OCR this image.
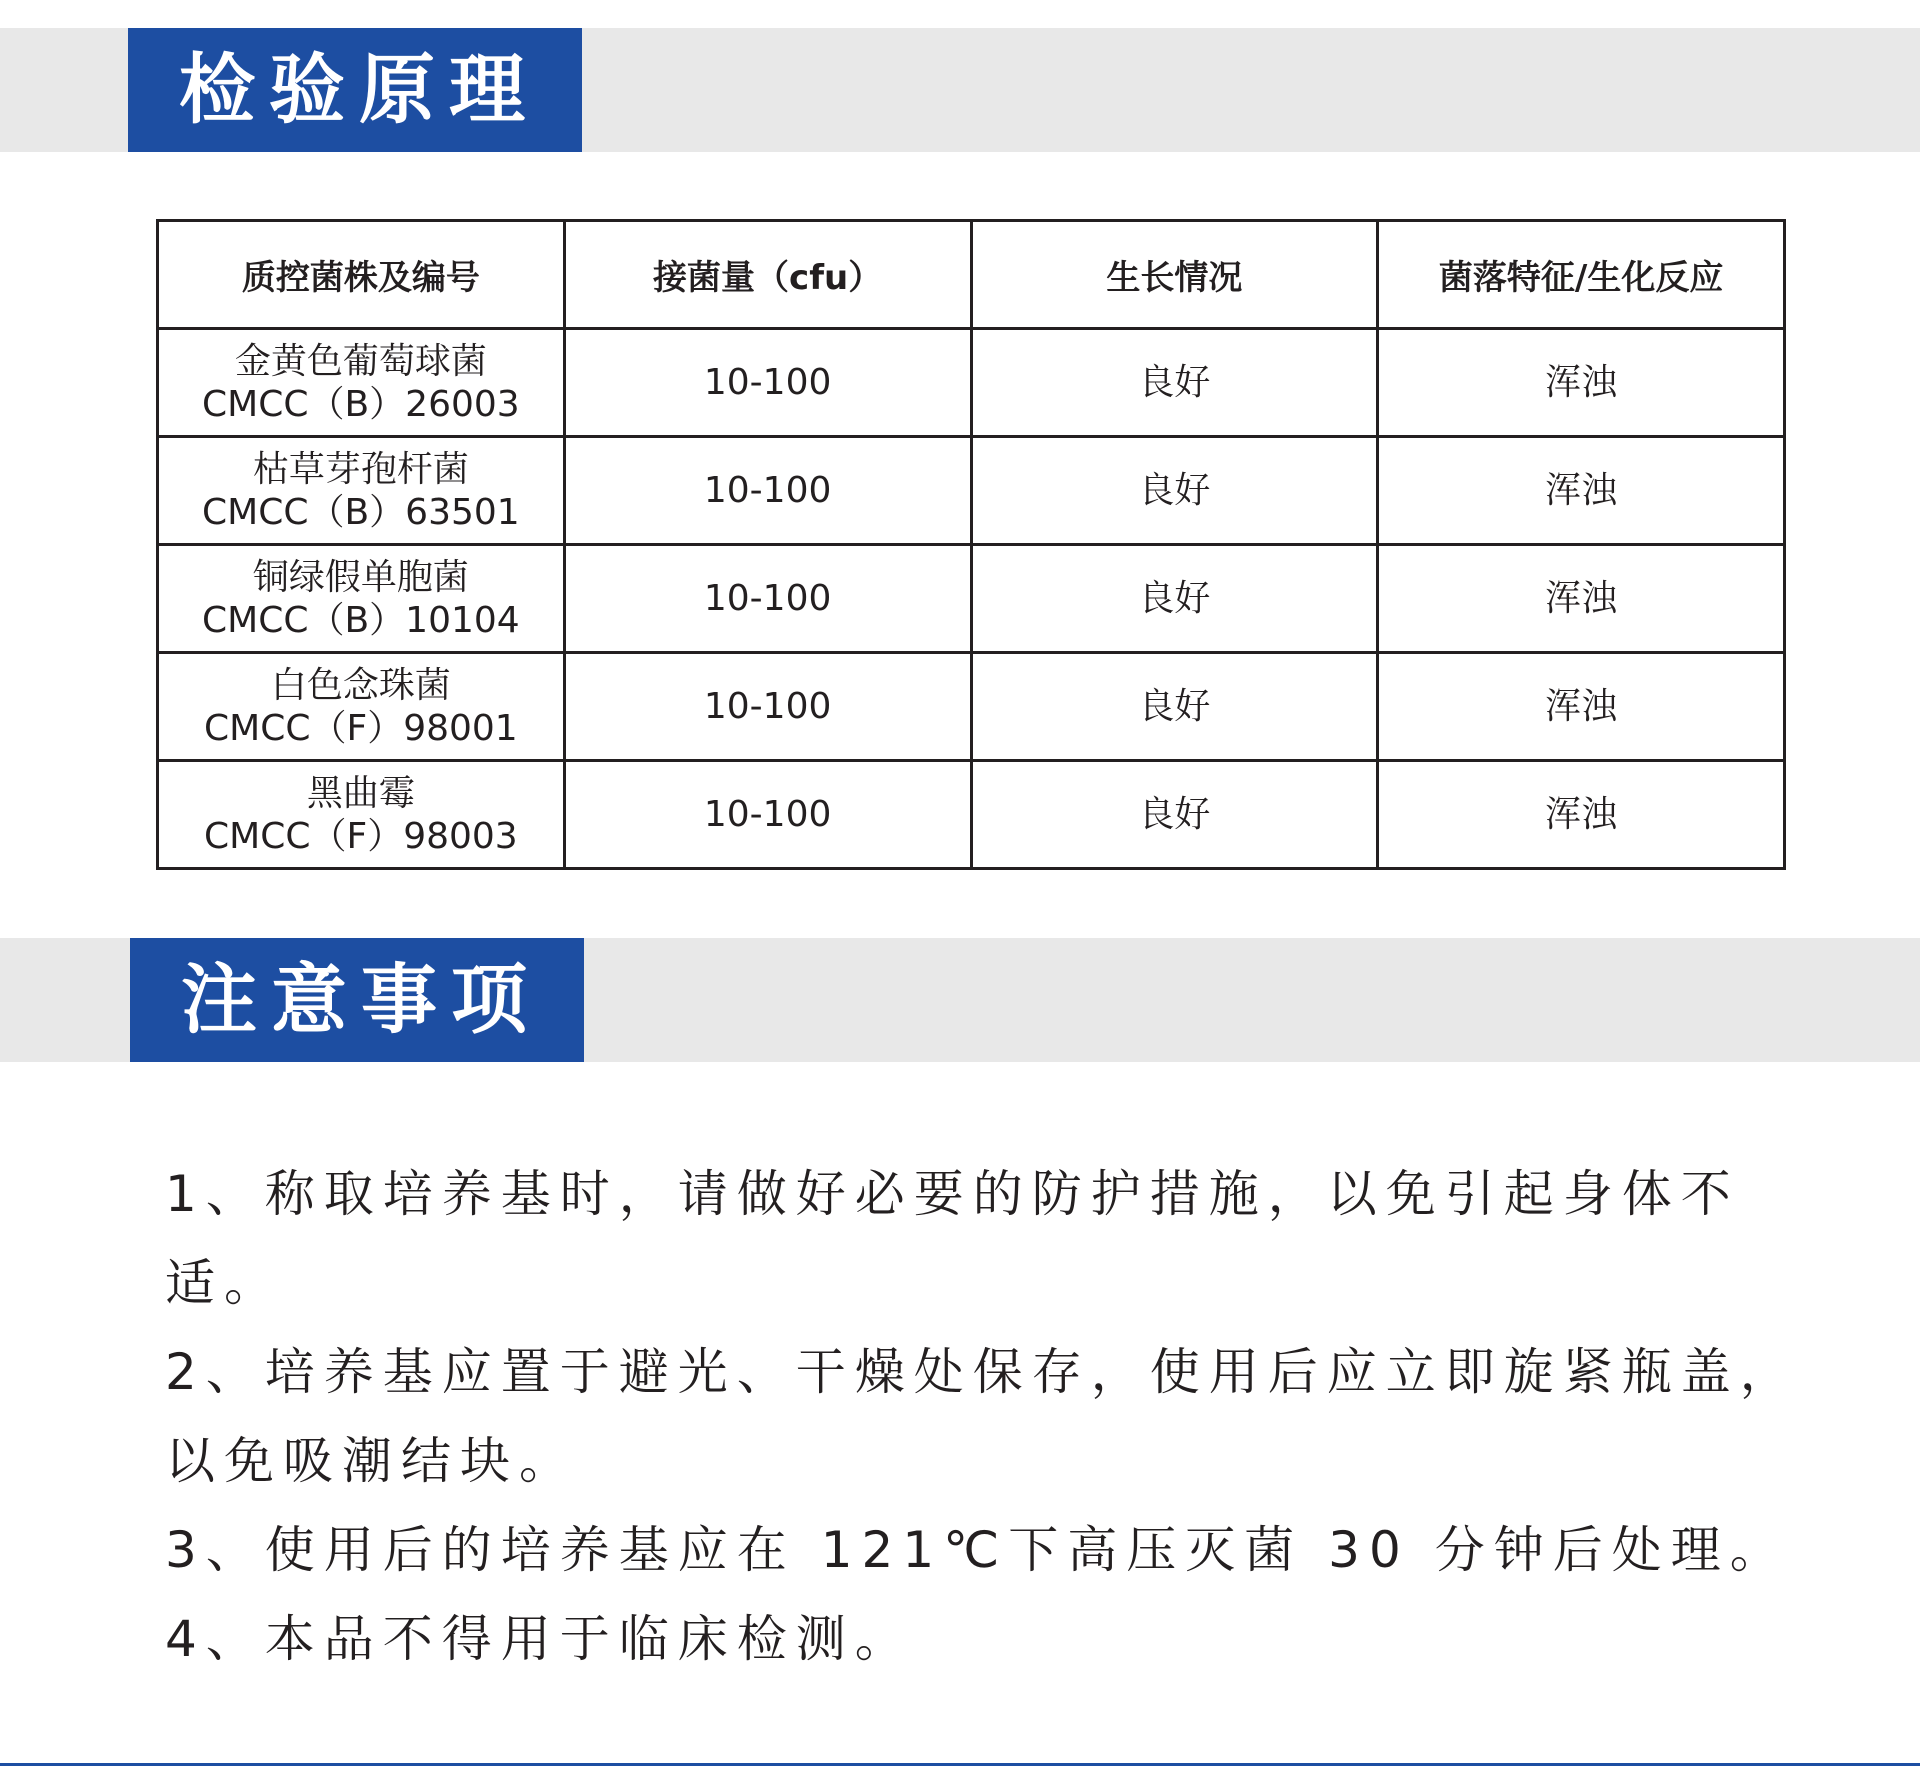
检验原理
质控菌株及编号	接菌量（cfu）	生长情况	菌落特征/生化反应

金黄色葡萄球菌
CMCC（B）26003	10-100	良好	浑浊

枯草芽孢杆菌
CMCC（B）63501	10-100	良好	浑浊

铜绿假单胞菌
CMCC（B）10104	10-100	良好	浑浊

白色念珠菌
CMCC（F）98001	10-100	良好	浑浊

黑曲霉
CMCC（F）98003	10-100	良好	浑浊
注意事项
1、称取培养基时，请做好必要的防护措施，以免引起身体不适。
2、培养基应置于避光、干燥处保存，使用后应立即旋紧瓶盖，以免吸潮结块。
3、使用后的培养基应在 121℃下高压灭菌 30 分钟后处理。
4、本品不得用于临床检测。
